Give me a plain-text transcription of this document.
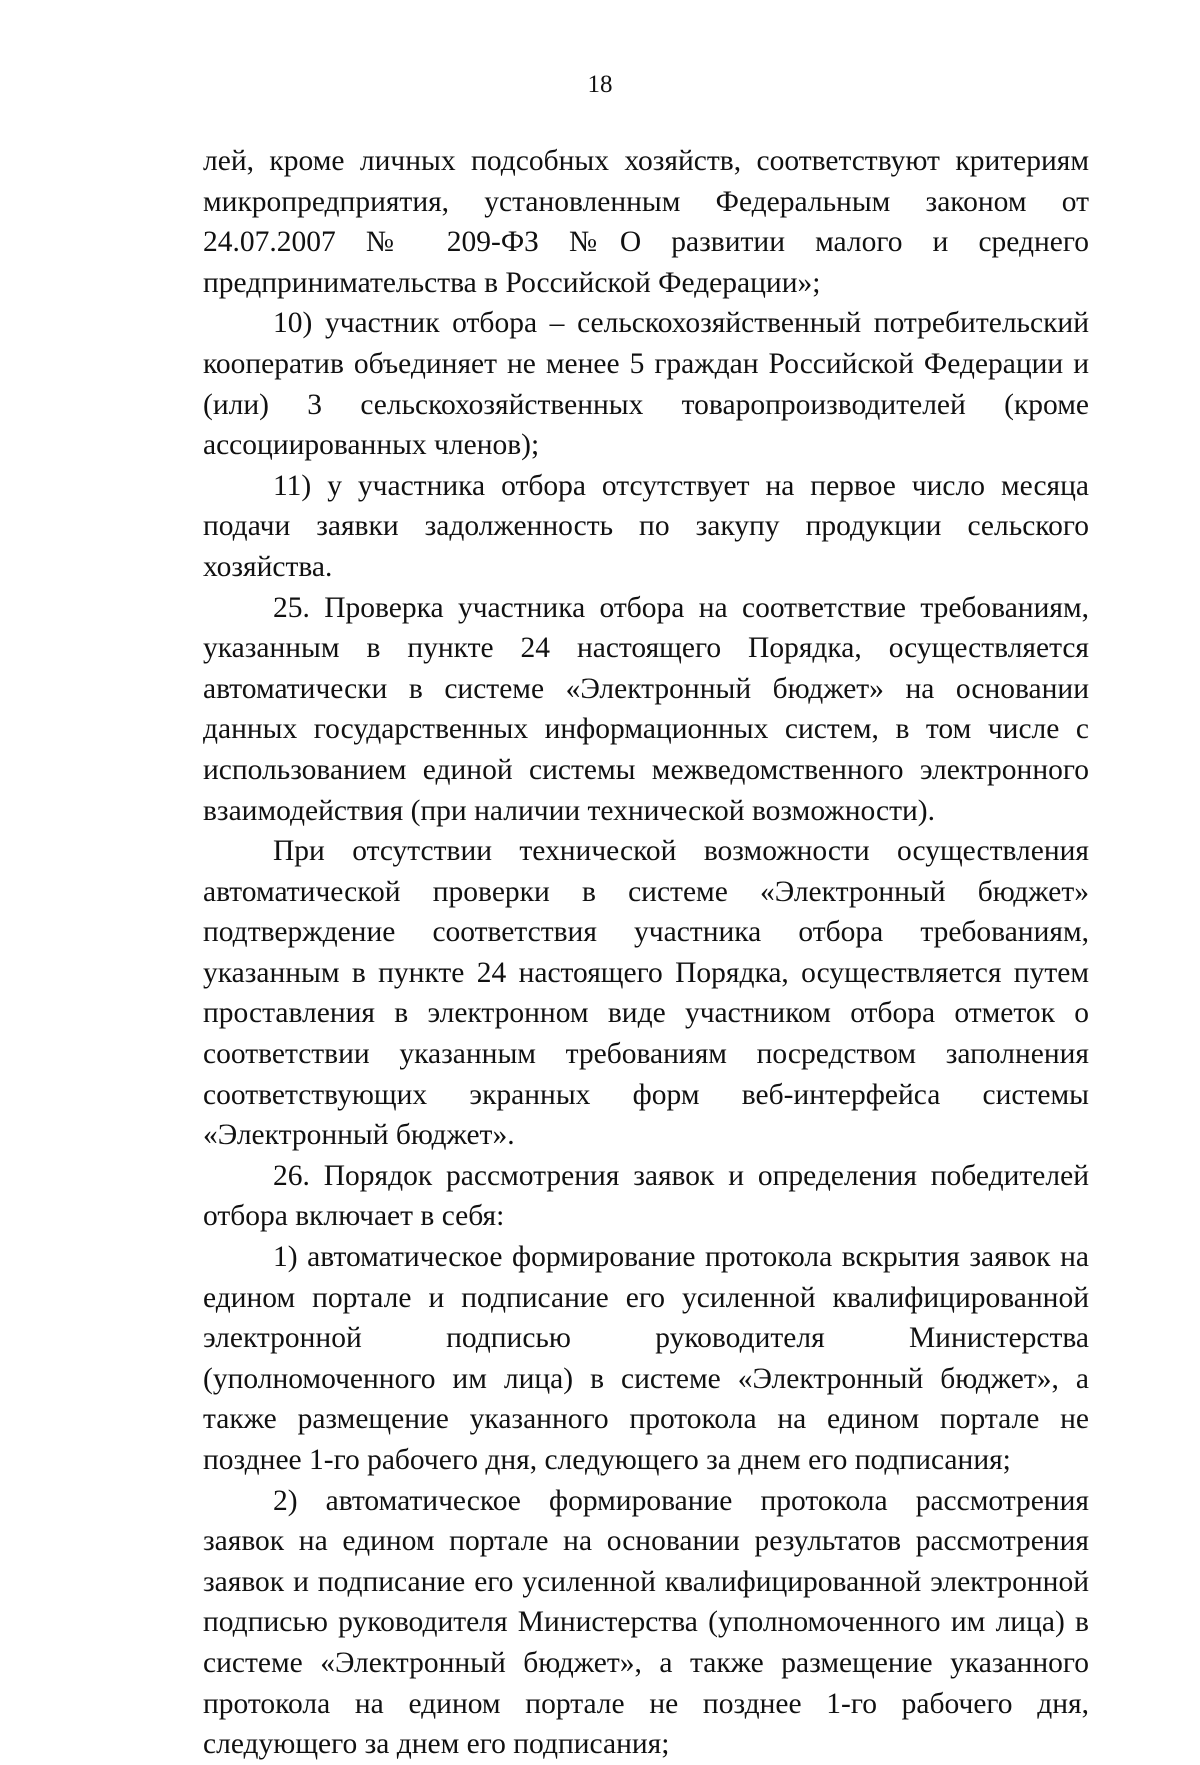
18

лей, кроме личных подсобных хозяйств, соответствуют критериям микропредприятия, установленным Федеральным законом от 24.07.2007 № 209-ФЗ №О развитии малого и среднего предпринимательства в Российской Федерации»;

10) участник отбора – сельскохозяйственный потребительский кооператив объединяет не менее 5 граждан Российской Федерации и (или) 3 сельскохозяйственных товаропроизводителей (кроме ассоциированных членов);

11) у участника отбора отсутствует на первое число месяца подачи заявки задолженность по закупу продукции сельского хозяйства.

25. Проверка участника отбора на соответствие требованиям, указанным в пункте 24 настоящего Порядка, осуществляется автоматически в системе «Электронный бюджет» на основании данных государственных информационных систем, в том числе с использованием единой системы межведомственного электронного взаимодействия (при наличии технической возможности).

При отсутствии технической возможности осуществления автоматической проверки в системе «Электронный бюджет» подтверждение соответствия участника отбора требованиям, указанным в пункте 24 настоящего Порядка, осуществляется путем проставления в электронном виде участником отбора отметок о соответствии указанным требованиям посредством заполнения соответствующих экранных форм веб-интерфейса системы «Электронный бюджет».

26. Порядок рассмотрения заявок и определения победителей отбора включает в себя:

1) автоматическое формирование протокола вскрытия заявок на едином портале и подписание его усиленной квалифицированной электронной подписью руководителя Министерства (уполномоченного им лица) в системе «Электронный бюджет», а также размещение указанного протокола на едином портале не позднее 1-го рабочего дня, следующего за днем его подписания;

2) автоматическое формирование протокола рассмотрения заявок на едином портале на основании результатов рассмотрения заявок и подписание его усиленной квалифицированной электронной подписью руководителя Министерства (уполномоченного им лица) в системе «Электронный бюджет», а также размещение указанного протокола на едином портале не позднее 1-го рабочего дня, следующего за днем его подписания;
